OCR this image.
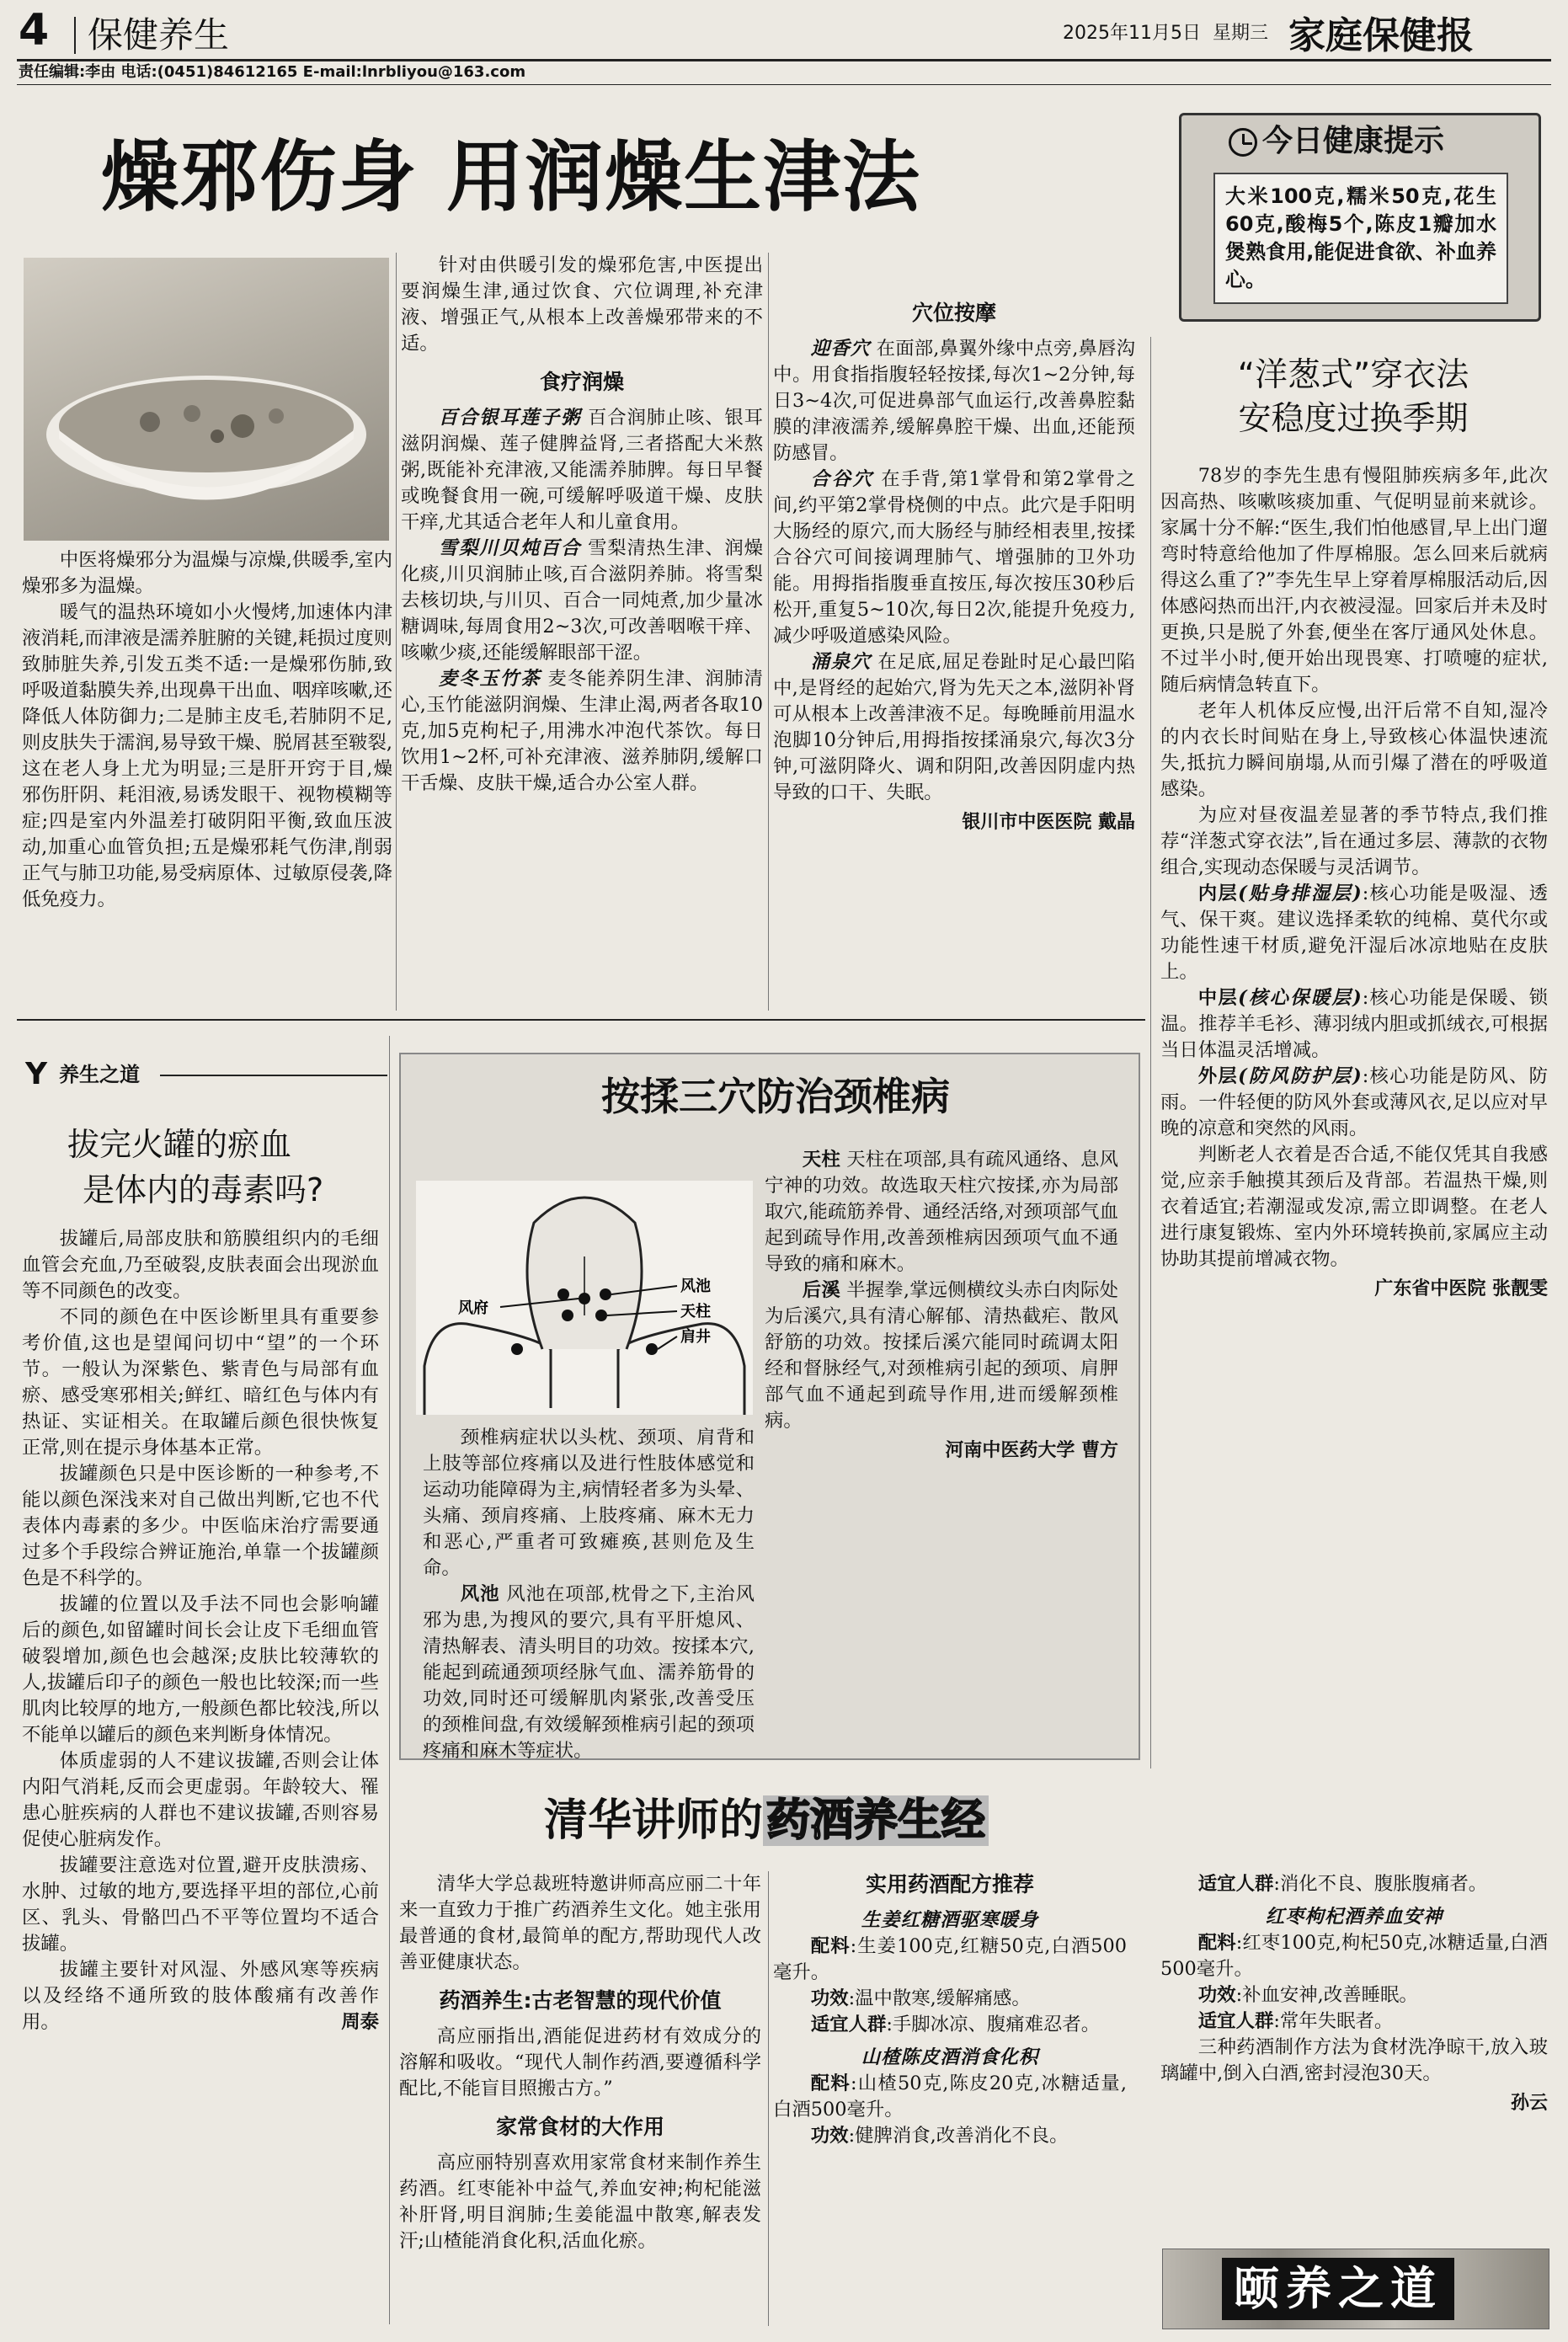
4 保健养生	2025年11月5日 星期三 家庭保健报
责任编辑:李由 电话:(0451)84612165 E-mail:lnrbliyou@163.com
燥邪伤身 用润燥生津法

中医将燥邪分为温燥与凉燥,供暖季,室内燥邪多为温燥。

暖气的温热环境如小火慢烤,加速体内津液消耗,而津液是濡养脏腑的关键,耗损过度则致肺脏失养,引发五类不适:一是燥邪伤肺,致呼吸道黏膜失养,出现鼻干出血、咽痒咳嗽,还降低人体防御力;二是肺主皮毛,若肺阴不足,则皮肤失于濡润,易导致干燥、脱屑甚至皲裂,这在老人身上尤为明显;三是肝开窍于目,燥邪伤肝阴、耗泪液,易诱发眼干、视物模糊等症;四是室内外温差打破阴阳平衡,致血压波动,加重心血管负担;五是燥邪耗气伤津,削弱正气与肺卫功能,易受病原体、过敏原侵袭,降低免疫力。

针对由供暖引发的燥邪危害,中医提出要润燥生津,通过饮食、穴位调理,补充津液、增强正气,从根本上改善燥邪带来的不适。

食疗润燥

百合银耳莲子粥 百合润肺止咳、银耳滋阴润燥、莲子健脾益肾,三者搭配大米熬粥,既能补充津液,又能濡养肺脾。每日早餐或晚餐食用一碗,可缓解呼吸道干燥、皮肤干痒,尤其适合老年人和儿童食用。

雪梨川贝炖百合 雪梨清热生津、润燥化痰,川贝润肺止咳,百合滋阴养肺。将雪梨去核切块,与川贝、百合一同炖煮,加少量冰糖调味,每周食用2~3次,可改善咽喉干痒、咳嗽少痰,还能缓解眼部干涩。

麦冬玉竹茶 麦冬能养阴生津、润肺清心,玉竹能滋阴润燥、生津止渴,两者各取10克,加5克枸杞子,用沸水冲泡代茶饮。每日饮用1~2杯,可补充津液、滋养肺阴,缓解口干舌燥、皮肤干燥,适合办公室人群。

穴位按摩

迎香穴 在面部,鼻翼外缘中点旁,鼻唇沟中。用食指指腹轻轻按揉,每次1~2分钟,每日3~4次,可促进鼻部气血运行,改善鼻腔黏膜的津液濡养,缓解鼻腔干燥、出血,还能预防感冒。

合谷穴 在手背,第1掌骨和第2掌骨之间,约平第2掌骨桡侧的中点。此穴是手阳明大肠经的原穴,而大肠经与肺经相表里,按揉合谷穴可间接调理肺气、增强肺的卫外功能。用拇指指腹垂直按压,每次按压30秒后松开,重复5~10次,每日2次,能提升免疫力,减少呼吸道感染风险。

涌泉穴 在足底,屈足卷趾时足心最凹陷中,是肾经的起始穴,肾为先天之本,滋阴补肾可从根本上改善津液不足。每晚睡前用温水泡脚10分钟后,用拇指按揉涌泉穴,每次3分钟,可滋阴降火、调和阴阳,改善因阴虚内热导致的口干、失眠。

银川市中医医院 戴晶
今日健康提示
大米100克,糯米50克,花生60克,酸梅5个,陈皮1瓣加水煲熟食用,能促进食欲、补血养心。
“洋葱式”穿衣法
安稳度过换季期

78岁的李先生患有慢阻肺疾病多年,此次因高热、咳嗽咳痰加重、气促明显前来就诊。家属十分不解:“医生,我们怕他感冒,早上出门遛弯时特意给他加了件厚棉服。怎么回来后就病得这么重了?”李先生早上穿着厚棉服活动后,因体感闷热而出汗,内衣被浸湿。回家后并未及时更换,只是脱了外套,便坐在客厅通风处休息。不过半小时,便开始出现畏寒、打喷嚏的症状,随后病情急转直下。

老年人机体反应慢,出汗后常不自知,湿冷的内衣长时间贴在身上,导致核心体温快速流失,抵抗力瞬间崩塌,从而引爆了潜在的呼吸道感染。

为应对昼夜温差显著的季节特点,我们推荐“洋葱式穿衣法”,旨在通过多层、薄款的衣物组合,实现动态保暖与灵活调节。

内层(贴身排湿层):核心功能是吸湿、透气、保干爽。建议选择柔软的纯棉、莫代尔或功能性速干材质,避免汗湿后冰凉地贴在皮肤上。

中层(核心保暖层):核心功能是保暖、锁温。推荐羊毛衫、薄羽绒内胆或抓绒衣,可根据当日体温灵活增减。

外层(防风防护层):核心功能是防风、防雨。一件轻便的防风外套或薄风衣,足以应对早晚的凉意和突然的风雨。

判断老人衣着是否合适,不能仅凭其自我感觉,应亲手触摸其颈后及背部。若温热干燥,则衣着适宜;若潮湿或发凉,需立即调整。在老人进行康复锻炼、室内外环境转换前,家属应主动协助其提前增减衣物。

广东省中医院 张靓雯
Y 养生之道
拔完火罐的瘀血
是体内的毒素吗?

拔罐后,局部皮肤和筋膜组织内的毛细血管会充血,乃至破裂,皮肤表面会出现淤血等不同颜色的改变。

不同的颜色在中医诊断里具有重要参考价值,这也是望闻问切中“望”的一个环节。一般认为深紫色、紫青色与局部有血瘀、感受寒邪相关;鲜红、暗红色与体内有热证、实证相关。在取罐后颜色很快恢复正常,则在提示身体基本正常。

拔罐颜色只是中医诊断的一种参考,不能以颜色深浅来对自己做出判断,它也不代表体内毒素的多少。中医临床治疗需要通过多个手段综合辨证施治,单靠一个拔罐颜色是不科学的。

拔罐的位置以及手法不同也会影响罐后的颜色,如留罐时间长会让皮下毛细血管破裂增加,颜色也会越深;皮肤比较薄软的人,拔罐后印子的颜色一般也比较深;而一些肌肉比较厚的地方,一般颜色都比较浅,所以不能单以罐后的颜色来判断身体情况。

体质虚弱的人不建议拔罐,否则会让体内阳气消耗,反而会更虚弱。年龄较大、罹患心脏疾病的人群也不建议拔罐,否则容易促使心脏病发作。

拔罐要注意选对位置,避开皮肤溃疡、水肿、过敏的地方,要选择平坦的部位,心前区、乳头、骨骼凹凸不平等位置均不适合拔罐。

拔罐主要针对风湿、外感风寒等疾病以及经络不通所致的肢体酸痛有改善作用。	周泰

按揉三穴防治颈椎病
风府
风池
天柱
肩井

颈椎病症状以头枕、颈项、肩背和上肢等部位疼痛以及进行性肢体感觉和运动功能障碍为主,病情轻者多为头晕、头痛、颈肩疼痛、上肢疼痛、麻木无力和恶心,严重者可致瘫痪,甚则危及生命。

风池 风池在项部,枕骨之下,主治风邪为患,为搜风的要穴,具有平肝熄风、清热解表、清头明目的功效。按揉本穴,能起到疏通颈项经脉气血、濡养筋骨的功效,同时还可缓解肌肉紧张,改善受压的颈椎间盘,有效缓解颈椎病引起的颈项疼痛和麻木等症状。

天柱 天柱在项部,具有疏风通络、息风宁神的功效。故选取天柱穴按揉,亦为局部取穴,能疏筋养骨、通经活络,对颈项部气血起到疏导作用,改善颈椎病因颈项气血不通导致的痛和麻木。

后溪 半握拳,掌远侧横纹头赤白肉际处为后溪穴,具有清心解郁、清热截疟、散风舒筋的功效。按揉后溪穴能同时疏调太阳经和督脉经气,对颈椎病引起的颈项、肩胛部气血不通起到疏导作用,进而缓解颈椎病。

河南中医药大学 曹方
清华讲师的药酒养生经

清华大学总裁班特邀讲师高应丽二十年来一直致力于推广药酒养生文化。她主张用最普通的食材,最简单的配方,帮助现代人改善亚健康状态。

药酒养生:古老智慧的现代价值

高应丽指出,酒能促进药材有效成分的溶解和吸收。“现代人制作药酒,要遵循科学配比,不能盲目照搬古方。”

家常食材的大作用

高应丽特别喜欢用家常食材来制作养生药酒。红枣能补中益气,养血安神;枸杞能滋补肝肾,明目润肺;生姜能温中散寒,解表发汗;山楂能消食化积,活血化瘀。

实用药酒配方推荐
生姜红糖酒驱寒暖身

配料:生姜100克,红糖50克,白酒500毫升。

功效:温中散寒,缓解痛感。

适宜人群:手脚冰凉、腹痛难忍者。

山楂陈皮酒消食化积

配料:山楂50克,陈皮20克,冰糖适量,白酒500毫升。

功效:健脾消食,改善消化不良。

适宜人群:消化不良、腹胀腹痛者。

红枣枸杞酒养血安神

配料:红枣100克,枸杞50克,冰糖适量,白酒500毫升。

功效:补血安神,改善睡眠。

适宜人群:常年失眠者。

三种药酒制作方法为食材洗净晾干,放入玻璃罐中,倒入白酒,密封浸泡30天。

孙云
颐养之道
